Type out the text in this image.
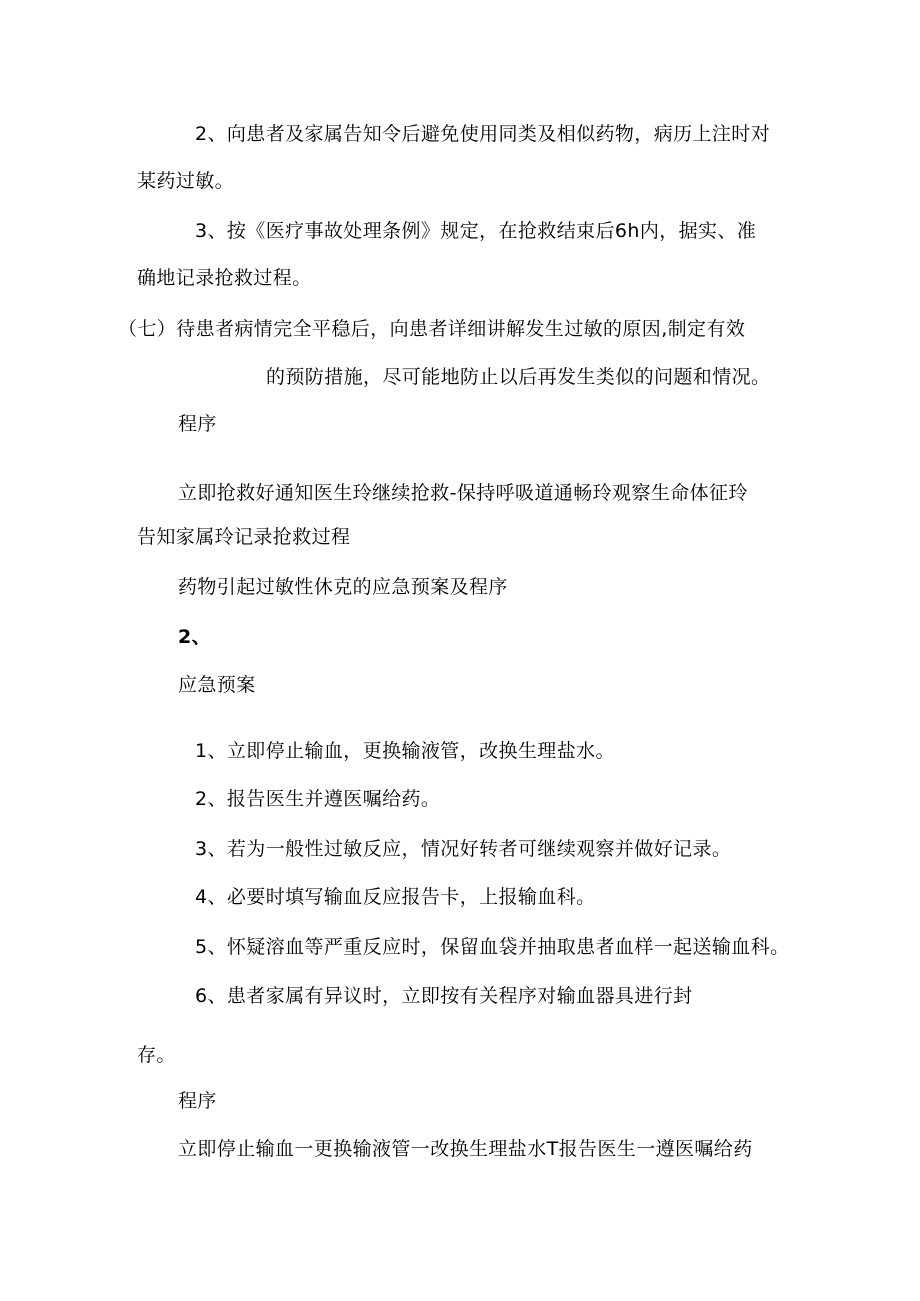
2、向患者及家属告知令后避免使用同类及相似药物，病历上注时对
某药过敏。
3、按《医疗事故处理条例》规定，在抢救结束后6h内，据实、准
确地记录抢救过程。
（七）待患者病情完全平稳后，向患者详细讲解发生过敏的原因,制定有效
的预防措施，尽可能地防止以后再发生类似的问题和情况。
程序
立即抢救好通知医生玲继续抢救-保持呼吸道通畅玲观察生命体征玲
告知家属玲记录抢救过程
药物引起过敏性休克的应急预案及程序
2、
应急预案
1、立即停止输血，更换输液管，改换生理盐水。
2、报告医生并遵医嘱给药。
3、若为一般性过敏反应，情况好转者可继续观察并做好记录。
4、必要时填写输血反应报告卡，上报输血科。
5、怀疑溶血等严重反应时，保留血袋并抽取患者血样一起送输血科。
6、患者家属有异议时，立即按有关程序对输血器具进行封
存。
程序
立即停止输血一更换输液管一改换生理盐水T报告医生一遵医嘱给药
